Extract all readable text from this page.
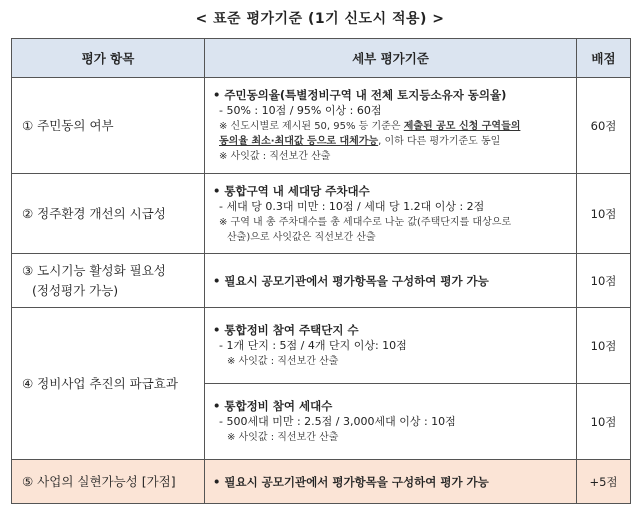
< 표준 평가기준 (1기 신도시 적용) >
평가 항목	세부 평가기준	배점
① 주민동의 여부	• 주민동의율(특별정비구역 내 전체 토지등소유자 동의율)
- 50% : 10점 / 95% 이상 : 60점
※ 신도시별로 제시된 50, 95% 등 기준은 제출된 공모 신청 구역들의
동의율 최소·최대값 등으로 대체가능, 이하 다른 평가기준도 동일
※ 사잇값 : 직선보간 산출	60점
② 정주환경 개선의 시급성	• 통합구역 내 세대당 주차대수
- 세대 당 0.3대 미만 : 10점 / 세대 당 1.2대 이상 : 2점
※ 구역 내 총 주차대수를 총 세대수로 나눈 값(주택단지를 대상으로
산출)으로 사잇값은 직선보간 산출	10점

③ 도시기능 활성화 필요성
(정성평가 가능)	• 필요시 공모기관에서 평가항목을 구성하여 평가 가능	10점
④ 정비사업 추진의 파급효과	• 통합정비 참여 주택단지 수
- 1개 단지 : 5점 / 4개 단지 이상: 10점
※ 사잇값 : 직선보간 산출	10점

	• 통합정비 참여 세대수
- 500세대 미만 : 2.5점 / 3,000세대 이상 : 10점
※ 사잇값 : 직선보간 산출	10점
⑤ 사업의 실현가능성 [가점]	• 필요시 공모기관에서 평가항목을 구성하여 평가 가능	+5점
